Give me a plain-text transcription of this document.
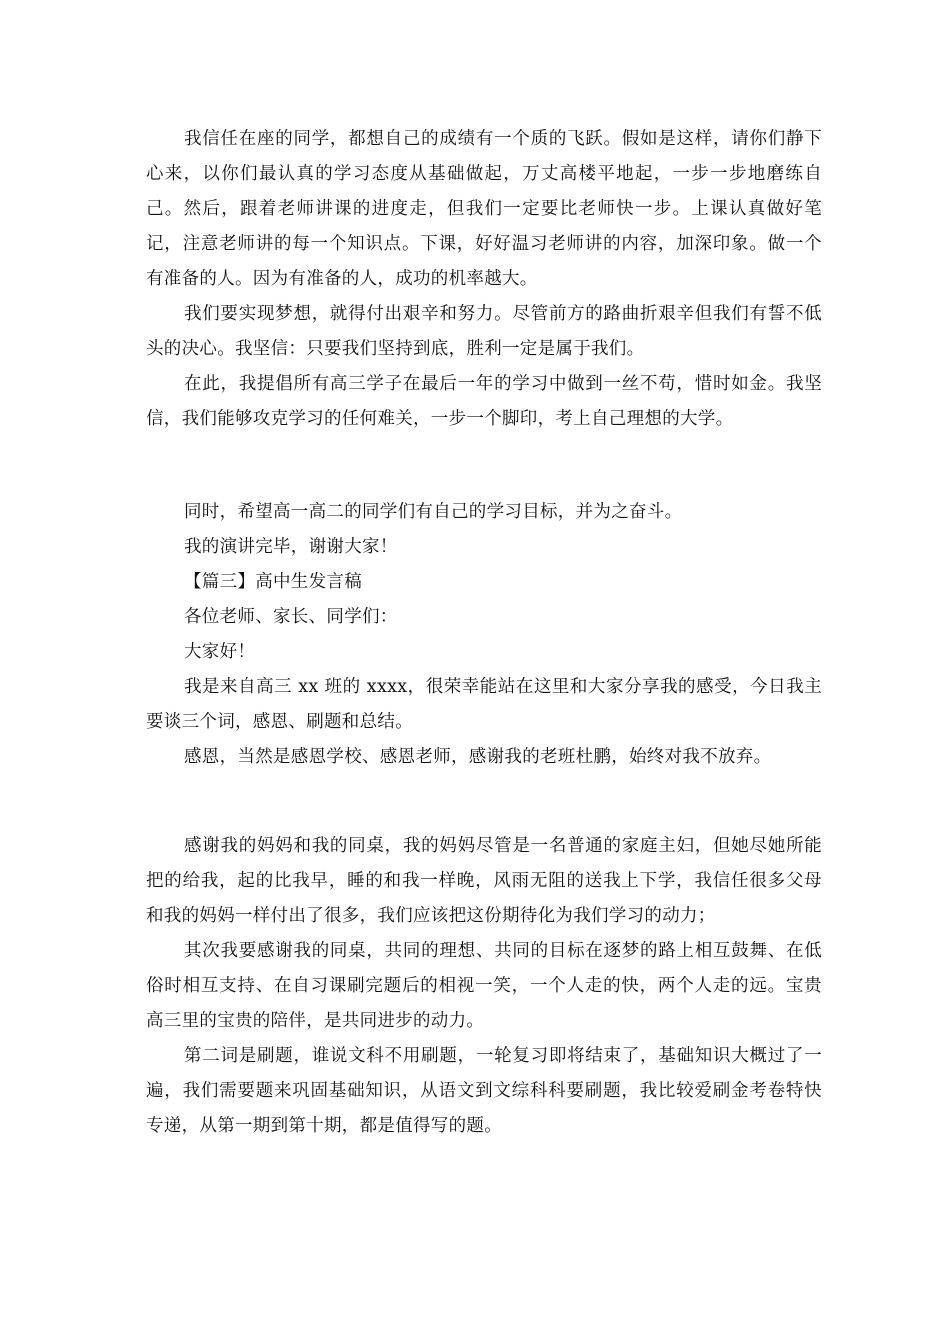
我信任在座的同学，都想自己的成绩有一个质的飞跃。假如是这样，请你们静下心来，以你们最认真的学习态度从基础做起，万丈高楼平地起，一步一步地磨练自己。然后，跟着老师讲课的进度走，但我们一定要比老师快一步。上课认真做好笔记，注意老师讲的每一个知识点。下课，好好温习老师讲的内容，加深印象。做一个有准备的人。因为有准备的人，成功的机率越大。

我们要实现梦想，就得付出艰辛和努力。尽管前方的路曲折艰辛但我们有誓不低头的决心。我坚信：只要我们坚持到底，胜利一定是属于我们。

在此，我提倡所有高三学子在最后一年的学习中做到一丝不苟，惜时如金。我坚信，我们能够攻克学习的任何难关，一步一个脚印，考上自己理想的大学。

同时，希望高一高二的同学们有自己的学习目标，并为之奋斗。

我的演讲完毕，谢谢大家！

【篇三】高中生发言稿

各位老师、家长、同学们：

大家好！

我是来自高三 xx 班的 xxxx，很荣幸能站在这里和大家分享我的感受，今日我主要谈三个词，感恩、刷题和总结。

感恩，当然是感恩学校、感恩老师，感谢我的老班杜鹏，始终对我不放弃。

感谢我的妈妈和我的同桌，我的妈妈尽管是一名普通的家庭主妇，但她尽她所能把的给我，起的比我早，睡的和我一样晚，风雨无阻的送我上下学，我信任很多父母和我的妈妈一样付出了很多，我们应该把这份期待化为我们学习的动力；

其次我要感谢我的同桌，共同的理想、共同的目标在逐梦的路上相互鼓舞、在低俗时相互支持、在自习课刷完题后的相视一笑，一个人走的快，两个人走的远。宝贵高三里的宝贵的陪伴，是共同进步的动力。

第二词是刷题，谁说文科不用刷题，一轮复习即将结束了，基础知识大概过了一遍，我们需要题来巩固基础知识，从语文到文综科科要刷题，我比较爱刷金考卷特快专递，从第一期到第十期，都是值得写的题。
